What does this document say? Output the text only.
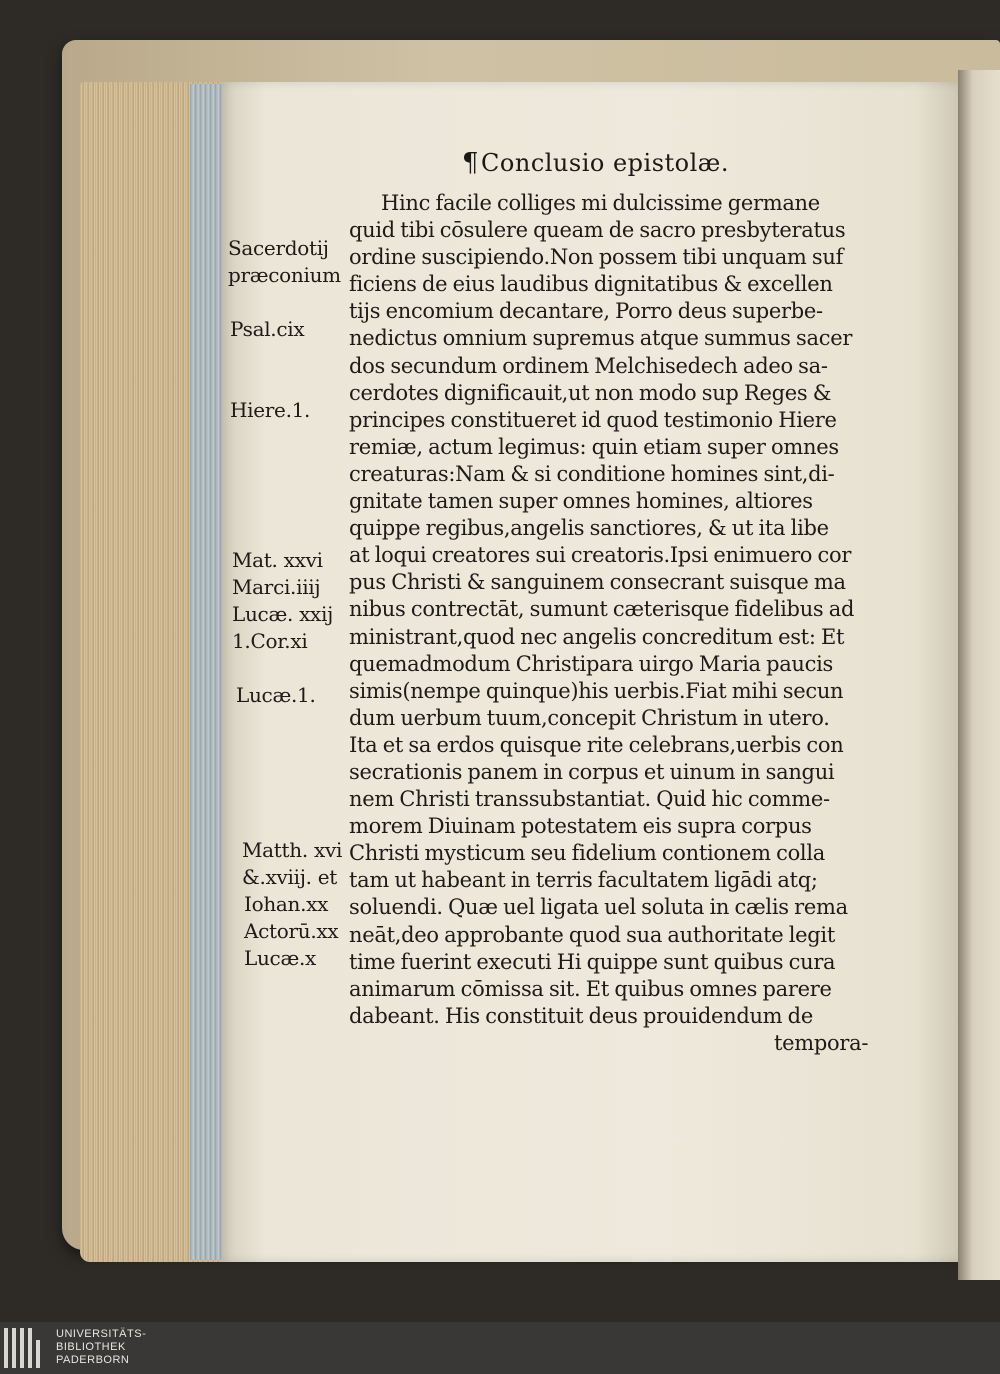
¶Conclusio epistolæ.
Hinc facile colliges mi dulcissime germane
quid tibi cōsulere queam de sacro presbyteratus
ordine suscipiendo.Non possem tibi unquam suf
ficiens de eius laudibus dignitatibus & excellen
tijs encomium decantare, Porro deus superbe-
nedictus omnium supremus atque summus sacer
dos secundum ordinem Melchisedech adeo sa-
cerdotes dignificauit,ut non modo sup Reges &
principes constitueret id quod testimonio Hiere
remiæ, actum legimus: quin etiam super omnes
creaturas:Nam & si conditione homines sint,di-
gnitate tamen super omnes homines, altiores
quippe regibus,angelis sanctiores, & ut ita libe
at loqui creatores sui creatoris.Ipsi enimuero cor
pus Christi & sanguinem consecrant suisque ma
nibus contrectāt, sumunt cæterisque fidelibus ad
ministrant,quod nec angelis concreditum est: Et
quemadmodum Christipara uirgo Maria paucis
simis(nempe quinque)his uerbis.Fiat mihi secun
dum uerbum tuum,concepit Christum in utero.
Ita et sa erdos quisque rite celebrans,uerbis con
secrationis panem in corpus et uinum in sangui
nem Christi transsubstantiat. Quid hic comme-
morem Diuinam potestatem eis supra corpus
Christi mysticum seu fidelium contionem colla
tam ut habeant in terris facultatem ligādi atq;
soluendi. Quæ uel ligata uel soluta in cælis rema
neāt,deo approbante quod sua authoritate legit
time fuerint executi Hi quippe sunt quibus cura
animarum cōmissa sit. Et quibus omnes parere
dabeant. His constituit deus prouidendum de
tempora-
Sacerdotij
præconium
Psal.cix
Hiere.1.
Mat. xxvi
Marci.iiij
Lucæ. xxij
1.Cor.xi
Lucæ.1.
Matth. xvi
&.xviij. et
Iohan.xx
Actorū.xx
Lucæ.x
UNIVERSITÄTS-
BIBLIOTHEK
PADERBORN
